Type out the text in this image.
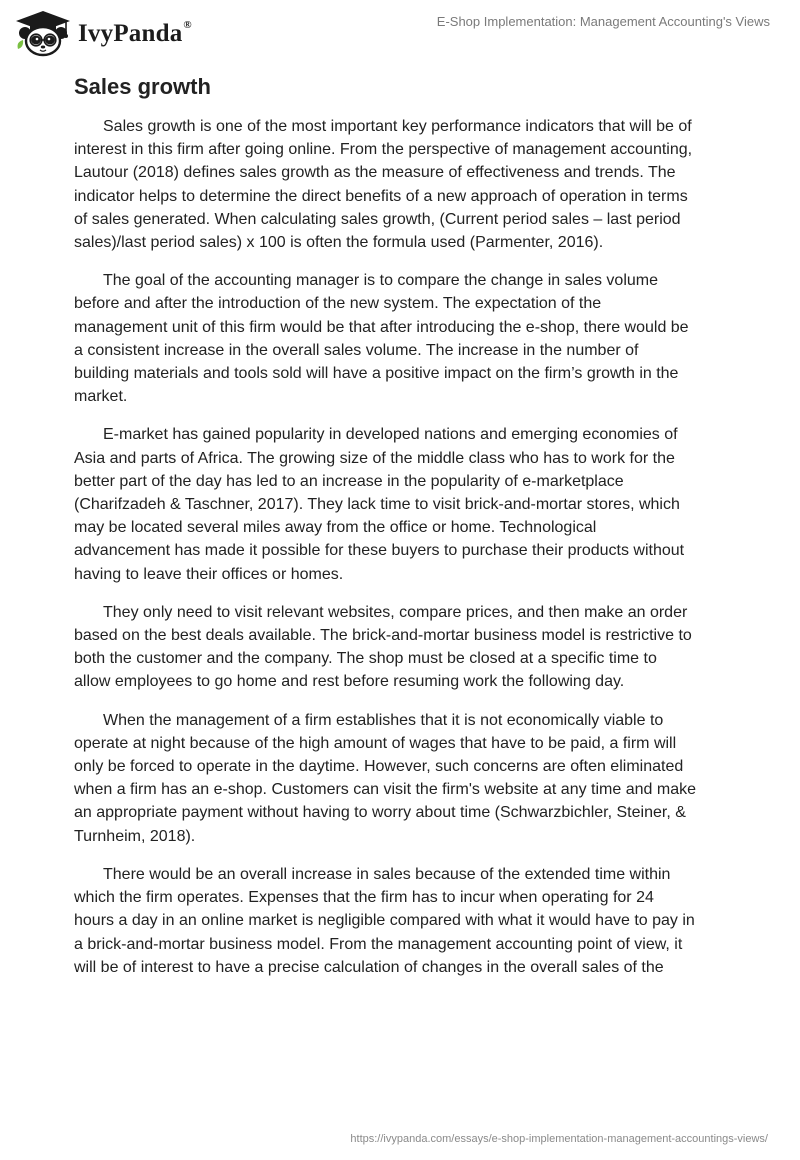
IvyPanda®	E-Shop Implementation: Management Accounting's Views
Sales growth

Sales growth is one of the most important key performance indicators that will be of
interest in this firm after going online. From the perspective of management accounting,
Lautour (2018) defines sales growth as the measure of effectiveness and trends. The
indicator helps to determine the direct benefits of a new approach of operation in terms
of sales generated. When calculating sales growth, (Current period sales – last period
sales)/last period sales) x 100 is often the formula used (Parmenter, 2016).

The goal of the accounting manager is to compare the change in sales volume
before and after the introduction of the new system. The expectation of the
management unit of this firm would be that after introducing the e-shop, there would be
a consistent increase in the overall sales volume. The increase in the number of
building materials and tools sold will have a positive impact on the firm’s growth in the
market.

E-market has gained popularity in developed nations and emerging economies of
Asia and parts of Africa. The growing size of the middle class who has to work for the
better part of the day has led to an increase in the popularity of e-marketplace
(Charifzadeh & Taschner, 2017). They lack time to visit brick-and-mortar stores, which
may be located several miles away from the office or home. Technological
advancement has made it possible for these buyers to purchase their products without
having to leave their offices or homes.

They only need to visit relevant websites, compare prices, and then make an order
based on the best deals available. The brick-and-mortar business model is restrictive to
both the customer and the company. The shop must be closed at a specific time to
allow employees to go home and rest before resuming work the following day.

When the management of a firm establishes that it is not economically viable to
operate at night because of the high amount of wages that have to be paid, a firm will
only be forced to operate in the daytime. However, such concerns are often eliminated
when a firm has an e-shop. Customers can visit the firm's website at any time and make
an appropriate payment without having to worry about time (Schwarzbichler, Steiner, &
Turnheim, 2018).

There would be an overall increase in sales because of the extended time within
which the firm operates. Expenses that the firm has to incur when operating for 24
hours a day in an online market is negligible compared with what it would have to pay in
a brick-and-mortar business model. From the management accounting point of view, it
will be of interest to have a precise calculation of changes in the overall sales of the

https://ivypanda.com/essays/e-shop-implementation-management-accountings-views/
